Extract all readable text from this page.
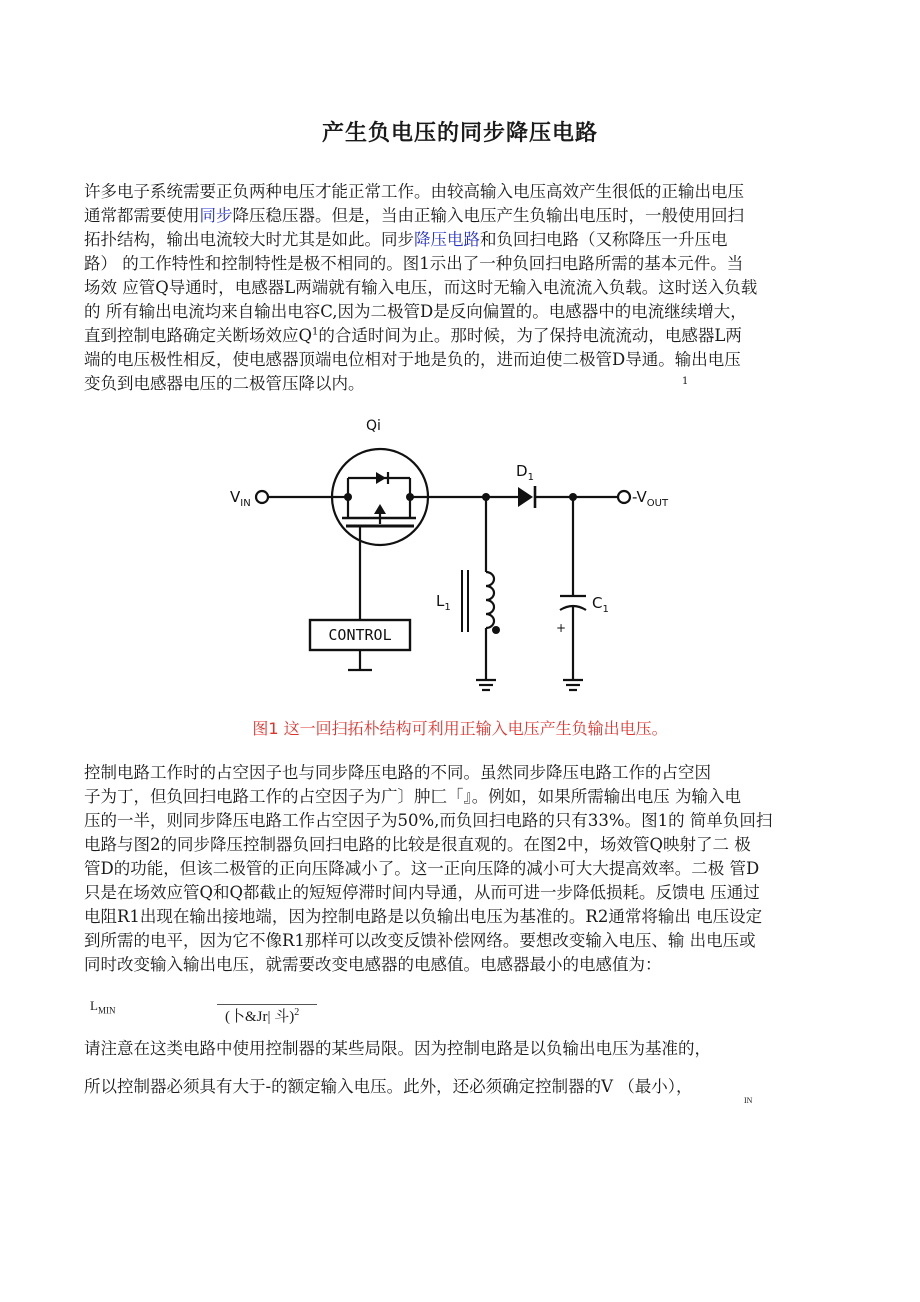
产生负电压的同步降压电路
许多电子系统需要正负两种电压才能正常工作。由较高输入电压高效产生很低的正输出电压
通常都需要使用同步降压稳压器。但是，当由正输入电压产生负输出电压时，一般使用回扫
拓扑结构，输出电流较大时尤其是如此。同步降压电路和负回扫电路（又称降压一升压电
路） 的工作特性和控制特性是极不相同的。图1示出了一种负回扫电路所需的基本元件。当
场效 应管Q导通时，电感器L两端就有输入电压，而这时无输入电流流入负载。这时送入负载
的 所有输出电流均来自输出电容C,因为二极管D是反向偏置的。电感器中的电流继续增大，
直到控制电路确定关断场效应$Q^1$的合适时间为止。那时候，为了保持电流流动，电感器L两
端的电压极性相反，使电感器顶端电位相对于地是负的，进而迫使二极管D导通。输出电压
变负到电感器电压的二极管压降以内。	1
Qi
$V_{IN}$
$D_1$
$-V_{OUT}$
$L_1$	$C_1$
+
CONTROL
图1 这一回扫拓朴结构可利用正输入电压产生负输出电压。
控制电路工作时的占空因子也与同步降压电路的不同。虽然同步降压电路工作的占空因
子为丁，但负回扫电路工作的占空因子为广〕肿匚「』。例如，如果所需输出电压 为输入电
压的一半，则同步降压电路工作占空因子为50%,而负回扫电路的只有33%。图1的 简单负回扫
电路与图2的同步降压控制器负回扫电路的比较是很直观的。在图2中，场效管Q映射了二 极
管D的功能，但该二极管的正向压降减小了。这一正向压降的减小可大大提高效率。二极 管D
只是在场效应管Q和Q都截止的短短停滞时间内导通，从而可进一步降低损耗。反馈电 压通过
电阻R1出现在输出接地端，因为控制电路是以负输出电压为基准的。R2通常将输出 电压设定
到所需的电平，因为它不像R1那样可以改变反馈补偿网络。要想改变输入电压、输 出电压或
同时改变输入输出电压，就需要改变电感器的电感值。电感器最小的电感值为：
$L_{MIN}$	(卜&Jr| 斗)$^2$
请注意在这类电路中使用控制器的某些局限。因为控制电路是以负输出电压为基准的，
所以控制器必须具有大于-的额定输入电压。此外，还必须确定控制器的V （最小），
IN
